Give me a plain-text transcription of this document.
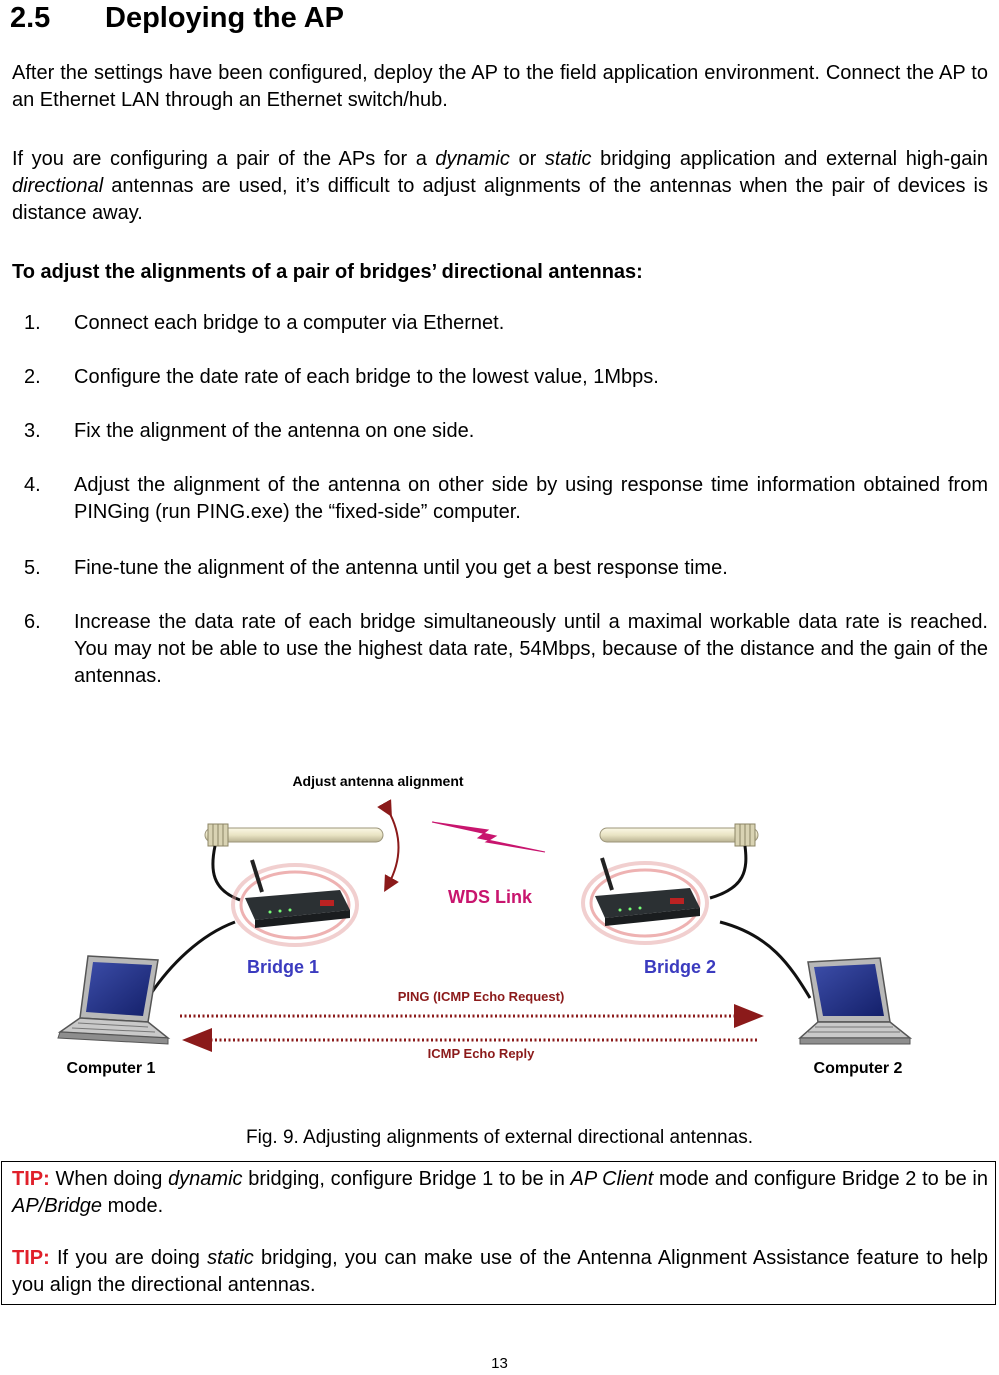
2.5 Deploying the AP

After the settings have been configured, deploy the AP to the field application environment. Connect the AP to an Ethernet LAN through an Ethernet switch/hub.

If you are configuring a pair of the APs for a dynamic or static bridging application and external high-gain directional antennas are used, it’s difficult to adjust alignments of the antennas when the pair of devices is distance away.

To adjust the alignments of a pair of bridges’ directional antennas:

1.	Connect each bridge to a computer via Ethernet.
2.	Configure the date rate of each bridge to the lowest value, 1Mbps.
3.	Fix the alignment of the antenna on one side.
4.	Adjust the alignment of the antenna on other side by using response time information obtained from PINGing (run PING.exe) the “fixed-side” computer.
5.	Fine-tune the alignment of the antenna until you get a best response time.
6.	Increase the data rate of each bridge simultaneously until a maximal workable data rate is reached. You may not be able to use the highest data rate, 54Mbps, because of the distance and the gain of the antennas.
Adjust antenna alignment
WDS Link
Bridge 1	Bridge 2
PING (ICMP Echo Request)
ICMP Echo Reply
Computer 1	Computer 2
Fig. 9. Adjusting alignments of external directional antennas.

TIP: When doing dynamic bridging, configure Bridge 1 to be in AP Client mode and configure Bridge 2 to be in AP/Bridge mode.

TIP: If you are doing static bridging, you can make use of the Antenna Alignment Assistance feature to help you align the directional antennas.

13
